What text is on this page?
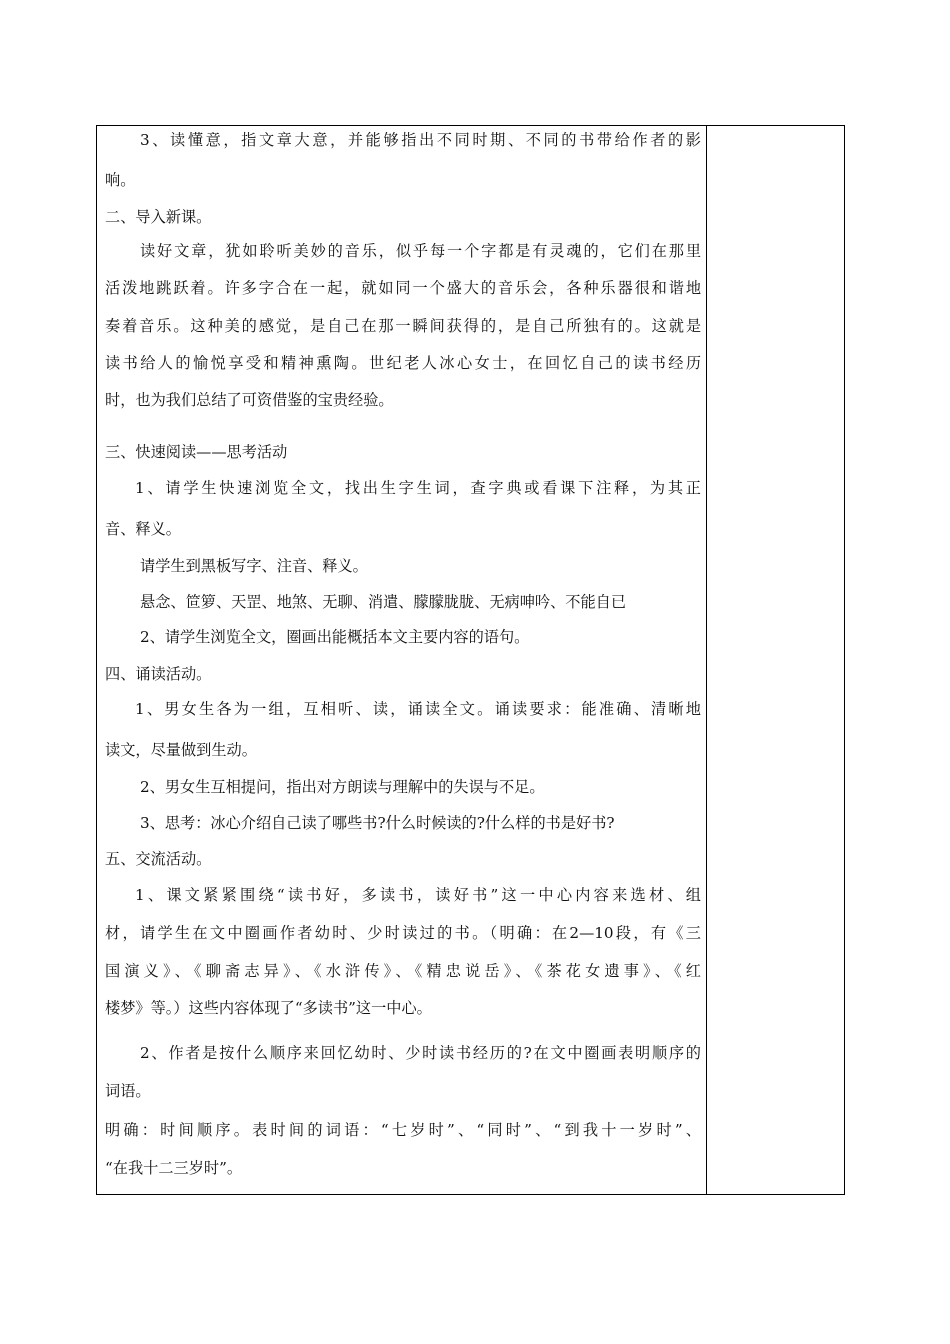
3、读懂意，指文章大意，并能够指出不同时期、不同的书带给作者的影
响。
二、导入新课。
读好文章，犹如聆听美妙的音乐，似乎每一个字都是有灵魂的，它们在那里
活泼地跳跃着。许多字合在一起，就如同一个盛大的音乐会，各种乐器很和谐地
奏着音乐。这种美的感觉，是自己在那一瞬间获得的，是自己所独有的。这就是
读书给人的愉悦享受和精神熏陶。世纪老人冰心女士，在回忆自己的读书经历
时，也为我们总结了可资借鉴的宝贵经验。
三、快速阅读——思考活动
1、请学生快速浏览全文，找出生字生词，查字典或看课下注释，为其正
音、释义。
请学生到黑板写字、注音、释义。
悬念、笸箩、天罡、地煞、无聊、消遣、朦朦胧胧、无病呻吟、不能自已
2、请学生浏览全文，圈画出能概括本文主要内容的语句。
四、诵读活动。
1、男女生各为一组，互相听、读，诵读全文。诵读要求：能准确、清晰地
读文，尽量做到生动。
2、男女生互相提问，指出对方朗读与理解中的失误与不足。
3、思考：冰心介绍自己读了哪些书?什么时候读的?什么样的书是好书?
五、交流活动。
1、课文紧紧围绕“读书好，多读书，读好书”这一中心内容来选材、组
材，请学生在文中圈画作者幼时、少时读过的书。（明确：在2—10段，有《三
国演义》、《聊斋志异》、《水浒传》、《精忠说岳》、《茶花女遗事》、《红
楼梦》等。）这些内容体现了“多读书”这一中心。
2、作者是按什么顺序来回忆幼时、少时读书经历的?在文中圈画表明顺序的
词语。
明确：时间顺序。表时间的词语：“七岁时”、“同时”、“到我十一岁时”、
“在我十二三岁时”。
